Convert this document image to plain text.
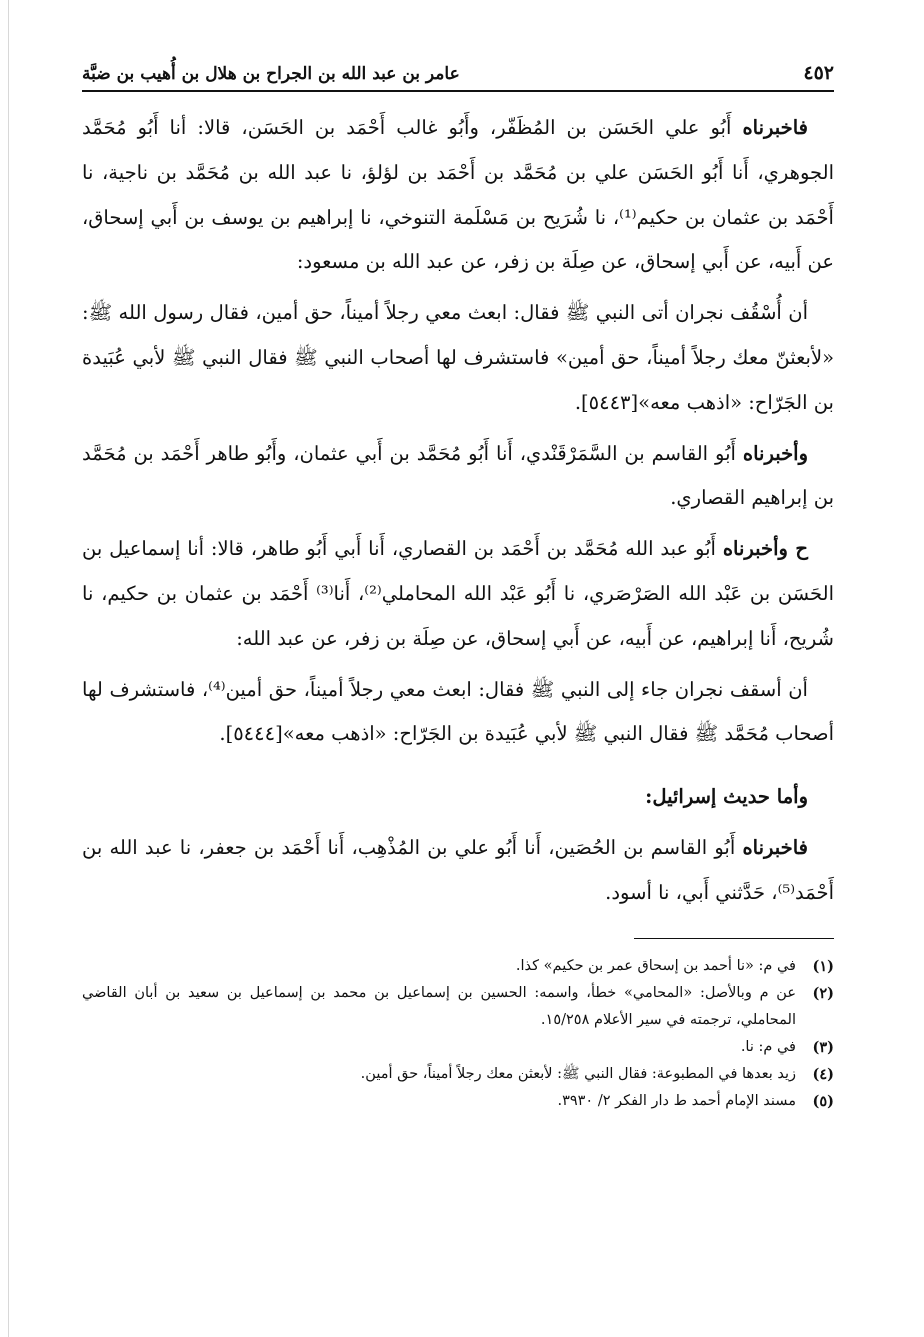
٤٥٢
عامر بن عبد الله بن الجراح بن هلال بن أُهيب بن ضبَّة

فاخبرناه أَبُو علي الحَسَن بن المُظَفّر، وأَبُو غالب أَحْمَد بن الحَسَن، قالا: أنا أَبُو مُحَمَّد الجوهري، أَنا أَبُو الحَسَن علي بن مُحَمَّد بن أَحْمَد بن لؤلؤ، نا عبد الله بن مُحَمَّد بن ناجية، نا أَحْمَد بن عثمان بن حكيم⁽¹⁾، نا شُرَيح بن مَسْلَمة التنوخي، نا إبراهيم بن يوسف بن أَبي إسحاق، عن أَبيه، عن أَبي إسحاق، عن صِلَة بن زفر، عن عبد الله بن مسعود:

أن أُسْقُف نجران أتى النبي ﷺ فقال: ابعث معي رجلاً أميناً، حق أمين، فقال رسول الله ﷺ: «لأبعثنّ معك رجلاً أميناً، حق أمين» فاستشرف لها أصحاب النبي ﷺ فقال النبي ﷺ لأبي عُبَيدة بن الجَرّاح: «اذهب معه»[٥٤٤٣].

وأخبرناه أَبُو القاسم بن السَّمَرْقَنْدي، أَنا أَبُو مُحَمَّد بن أَبي عثمان، وأَبُو طاهر أَحْمَد بن مُحَمَّد بن إبراهيم القصاري.

ح وأخبرناه أَبُو عبد الله مُحَمَّد بن أَحْمَد بن القصاري، أَنا أَبي أَبُو طاهر، قالا: أنا إسماعيل بن الحَسَن بن عَبْد الله الصَرْصَري، نا أَبُو عَبْد الله المحاملي⁽²⁾، أَنا⁽³⁾ أَحْمَد بن عثمان بن حكيم، نا شُريح، أَنا إبراهيم، عن أَبيه، عن أَبي إسحاق، عن صِلَة بن زفر، عن عبد الله:

أن أسقف نجران جاء إلى النبي ﷺ فقال: ابعث معي رجلاً أميناً، حق أمين⁽⁴⁾، فاستشرف لها أصحاب مُحَمَّد ﷺ فقال النبي ﷺ لأبي عُبَيدة بن الجَرّاح: «اذهب معه»[٥٤٤٤].

وأما حديث إسرائيل:

فاخبرناه أَبُو القاسم بن الحُصَين، أَنا أَبُو علي بن المُذْهِب، أَنا أَحْمَد بن جعفر، نا عبد الله بن أَحْمَد⁽⁵⁾، حَدَّثني أَبي، نا أسود.

(١)
في م: «نا أحمد بن إسحاق عمر بن حكيم» كذا.
(٢)
عن م وبالأصل: «المحامي» خطأ، واسمه: الحسين بن إسماعيل بن محمد بن إسماعيل بن سعيد بن أبان القاضي المحاملي، ترجمته في سير الأعلام ١٥/٢٥٨.
(٣)
في م: نا.
(٤)
زيد بعدها في المطبوعة: فقال النبي ﷺ: لأبعثن معك رجلاً أميناً، حق أمين.
(٥)
مسند الإمام أحمد ط دار الفكر ٢/ ٣٩٣٠.
